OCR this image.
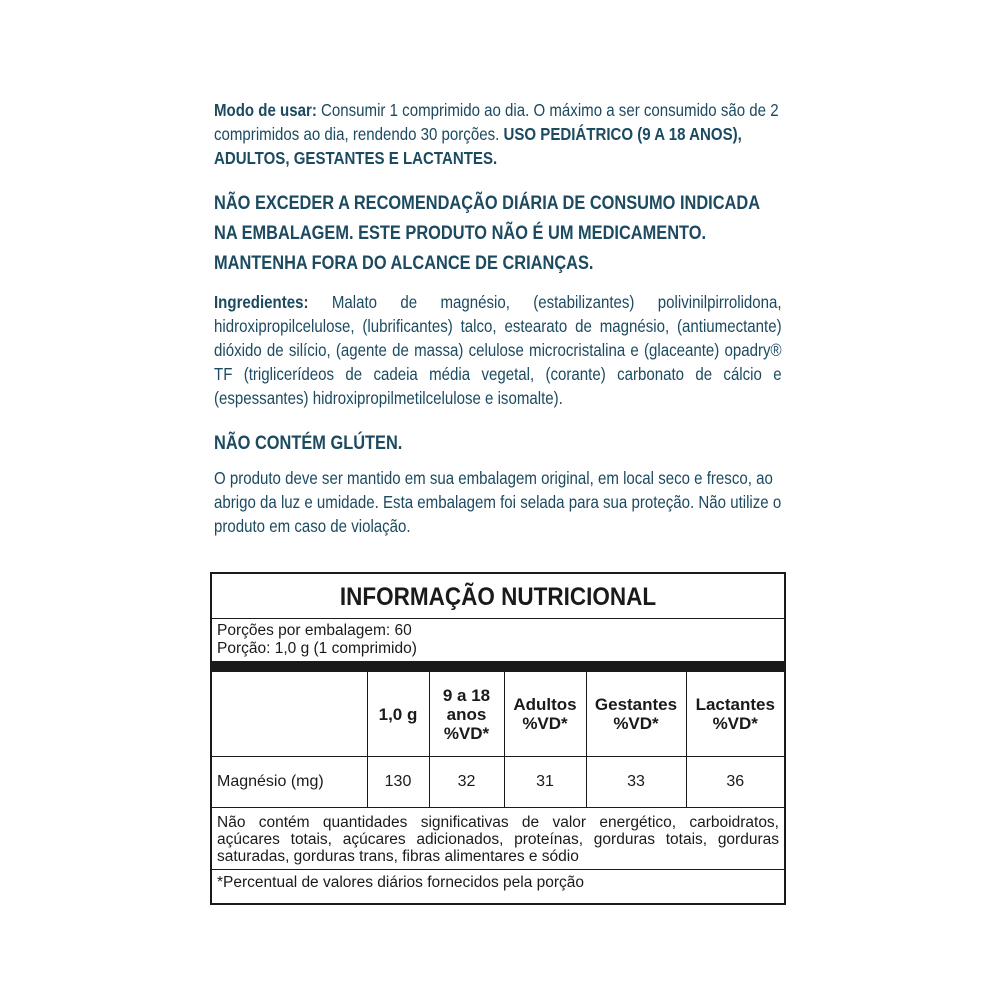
Modo de usar: Consumir 1 comprimido ao dia. O máximo a ser consumido são de 2 comprimidos ao dia, rendendo 30 porções. USO PEDIÁTRICO (9 A 18 ANOS), ADULTOS, GESTANTES E LACTANTES.
NÃO EXCEDER A RECOMENDAÇÃO DIÁRIA DE CONSUMO INDICADA NA EMBALAGEM. ESTE PRODUTO NÃO É UM MEDICAMENTO. MANTENHA FORA DO ALCANCE DE CRIANÇAS.
Ingredientes: Malato de magnésio, (estabilizantes) polivinilpirrolidona, hidroxipropilcelulose, (lubrificantes) talco, estearato de magnésio, (antiumectante) dióxido de silício, (agente de massa) celulose microcristalina e (glaceante) opadry® TF (triglicerídeos de cadeia média vegetal, (corante) carbonato de cálcio e (espessantes) hidroxipropilmetilcelulose e isomalte).
NÃO CONTÉM GLÚTEN.
O produto deve ser mantido em sua embalagem original, em local seco e fresco, ao abrigo da luz e umidade. Esta embalagem foi selada para sua proteção. Não utilize o produto em caso de violação.
INFORMAÇÃO NUTRICIONAL
Porções por embalagem: 60
Porção: 1,0 g (1 comprimido)
	1,0 g	9 a 18 anos %VD*	Adultos %VD*	Gestantes %VD*	Lactantes %VD*
Magnésio (mg)	130	32	31	33	36
Não contém quantidades significativas de valor energético, carboidratos, açúcares totais, açúcares adicionados, proteínas, gorduras totais, gorduras saturadas, gorduras trans, fibras alimentares e sódio
*Percentual de valores diários fornecidos pela porção
